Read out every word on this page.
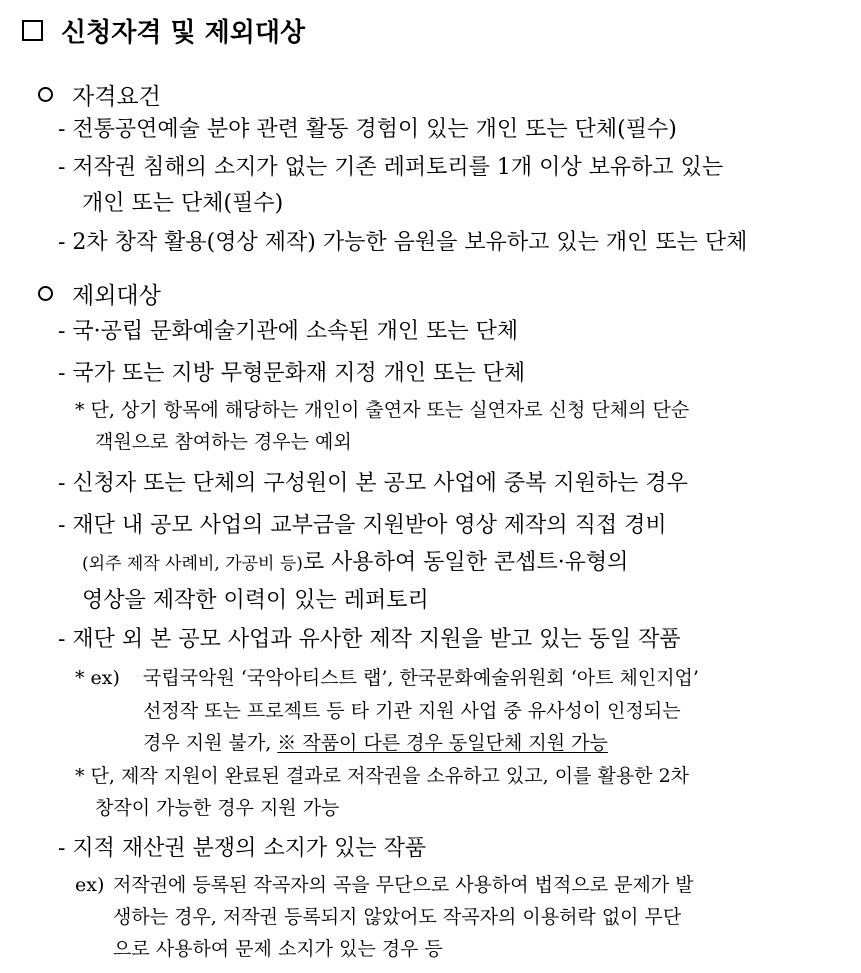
신청자격 및 제외대상
자격요건
- 전통공연예술 분야 관련 활동 경험이 있는 개인 또는 단체(필수)
- 저작권 침해의 소지가 없는 기존 레퍼토리를 1개 이상 보유하고 있는
개인 또는 단체(필수)
- 2차 창작 활용(영상 제작) 가능한 음원을 보유하고 있는 개인 또는 단체
제외대상
- 국·공립 문화예술기관에 소속된 개인 또는 단체
- 국가 또는 지방 무형문화재 지정 개인 또는 단체
* 단, 상기 항목에 해당하는 개인이 출연자 또는 실연자로 신청 단체의 단순
객원으로 참여하는 경우는 예외
- 신청자 또는 단체의 구성원이 본 공모 사업에 중복 지원하는 경우
- 재단 내 공모 사업의 교부금을 지원받아 영상 제작의 직접 경비
(외주 제작 사례비, 가공비 등)로 사용하여 동일한 콘셉트·유형의
영상을 제작한 이력이 있는 레퍼토리
- 재단 외 본 공모 사업과 유사한 제작 지원을 받고 있는 동일 작품
* ex) 국립국악원 ‘국악아티스트 랩’, 한국문화예술위원회 ‘아트 체인지업’
선정작 또는 프로젝트 등 타 기관 지원 사업 중 유사성이 인정되는
경우 지원 불가, ※ 작품이 다른 경우 동일단체 지원 가능
* 단, 제작 지원이 완료된 결과로 저작권을 소유하고 있고, 이를 활용한 2차
창작이 가능한 경우 지원 가능
- 지적 재산권 분쟁의 소지가 있는 작품
ex) 저작권에 등록된 작곡자의 곡을 무단으로 사용하여 법적으로 문제가 발
생하는 경우, 저작권 등록되지 않았어도 작곡자의 이용허락 없이 무단
으로 사용하여 문제 소지가 있는 경우 등
